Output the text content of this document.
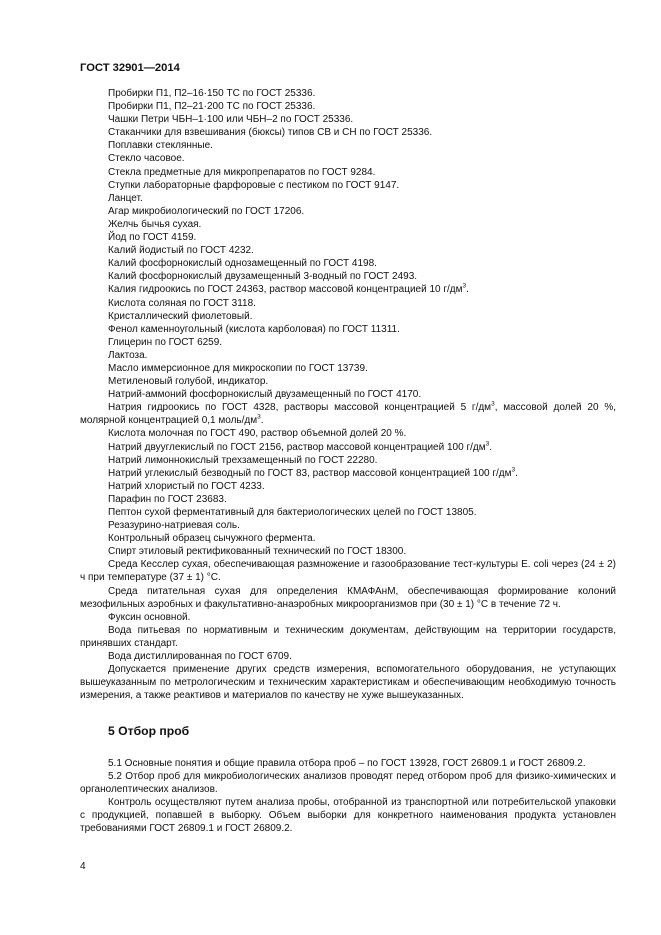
ГОСТ 32901—2014

Пробирки П1, П2–16·150 ТС по ГОСТ 25336.

Пробирки П1, П2–21·200 ТС по ГОСТ 25336.

Чашки Петри ЧБН–1·100 или ЧБН–2 по ГОСТ 25336.

Стаканчики для взвешивания (бюксы) типов СВ и СН по ГОСТ 25336.

Поплавки стеклянные.

Стекло часовое.

Стекла предметные для микропрепаратов по ГОСТ 9284.

Ступки лабораторные фарфоровые с пестиком по ГОСТ 9147.

Ланцет.

Агар микробиологический по ГОСТ 17206.

Желчь бычья сухая.

Йод по ГОСТ 4159.

Калий йодистый по ГОСТ 4232.

Калий фосфорнокислый однозамещенный по ГОСТ 4198.

Калий фосфорнокислый двузамещенный 3-водный по ГОСТ 2493.

Калия гидроокись по ГОСТ 24363, раствор массовой концентрацией 10 $г/дм^3$.

Кислота соляная по ГОСТ 3118.

Кристаллический фиолетовый.

Фенол каменноугольный (кислота карболовая) по ГОСТ 11311.

Глицерин по ГОСТ 6259.

Лактоза.

Масло иммерсионное для микроскопии по ГОСТ 13739.

Метиленовый голубой, индикатор.

Натрий-аммоний фосфорнокислый двузамещенный по ГОСТ 4170.

Натрия гидроокись по ГОСТ 4328, растворы массовой концентрацией 5 $г/дм^3$, массовой долей 20 %, молярной концентрацией 0,1 моль/$дм^3$.

Кислота молочная по ГОСТ 490, раствор объемной долей 20 %.

Натрий двууглекислый по ГОСТ 2156, раствор массовой концентрацией 100 $г/дм^3$.

Натрий лимоннокислый трехзамещенный по ГОСТ 22280.

Натрий углекислый безводный по ГОСТ 83, раствор массовой концентрацией 100 $г/дм^3$.

Натрий хлористый по ГОСТ 4233.

Парафин по ГОСТ 23683.

Пептон сухой ферментативный для бактериологических целей по ГОСТ 13805.

Резазурино-натриевая соль.

Контрольный образец сычужного фермента.

Спирт этиловый ректификованный технический по ГОСТ 18300.

Среда Кесслер сухая, обеспечивающая размножение и газообразование тест-культуры E. coli через (24 ± 2) ч при температуре (37 ± 1) °С.

Среда питательная сухая для определения КМАФАнМ, обеспечивающая формирование колоний мезофильных аэробных и факультативно-анаэробных микроорганизмов при (30 ± 1) °С в течение 72 ч.

Фуксин основной.

Вода питьевая по нормативным и техническим документам, действующим на территории государств, принявших стандарт.

Вода дистиллированная по ГОСТ 6709.

Допускается применение других средств измерения, вспомогательного оборудования, не уступающих вышеуказанным по метрологическим и техническим характеристикам и обеспечивающим необходимую точность измерения, а также реактивов и материалов по качеству не хуже вышеуказанных.

5 Отбор проб

5.1 Основные понятия и общие правила отбора проб – по ГОСТ 13928, ГОСТ 26809.1 и ГОСТ 26809.2.

5.2 Отбор проб для микробиологических анализов проводят перед отбором проб для физико-химических и органолептических анализов.

Контроль осуществляют путем анализа пробы, отобранной из транспортной или потребительской упаковки с продукцией, попавшей в выборку. Объем выборки для конкретного наименования продукта установлен требованиями ГОСТ 26809.1 и ГОСТ 26809.2.

4
